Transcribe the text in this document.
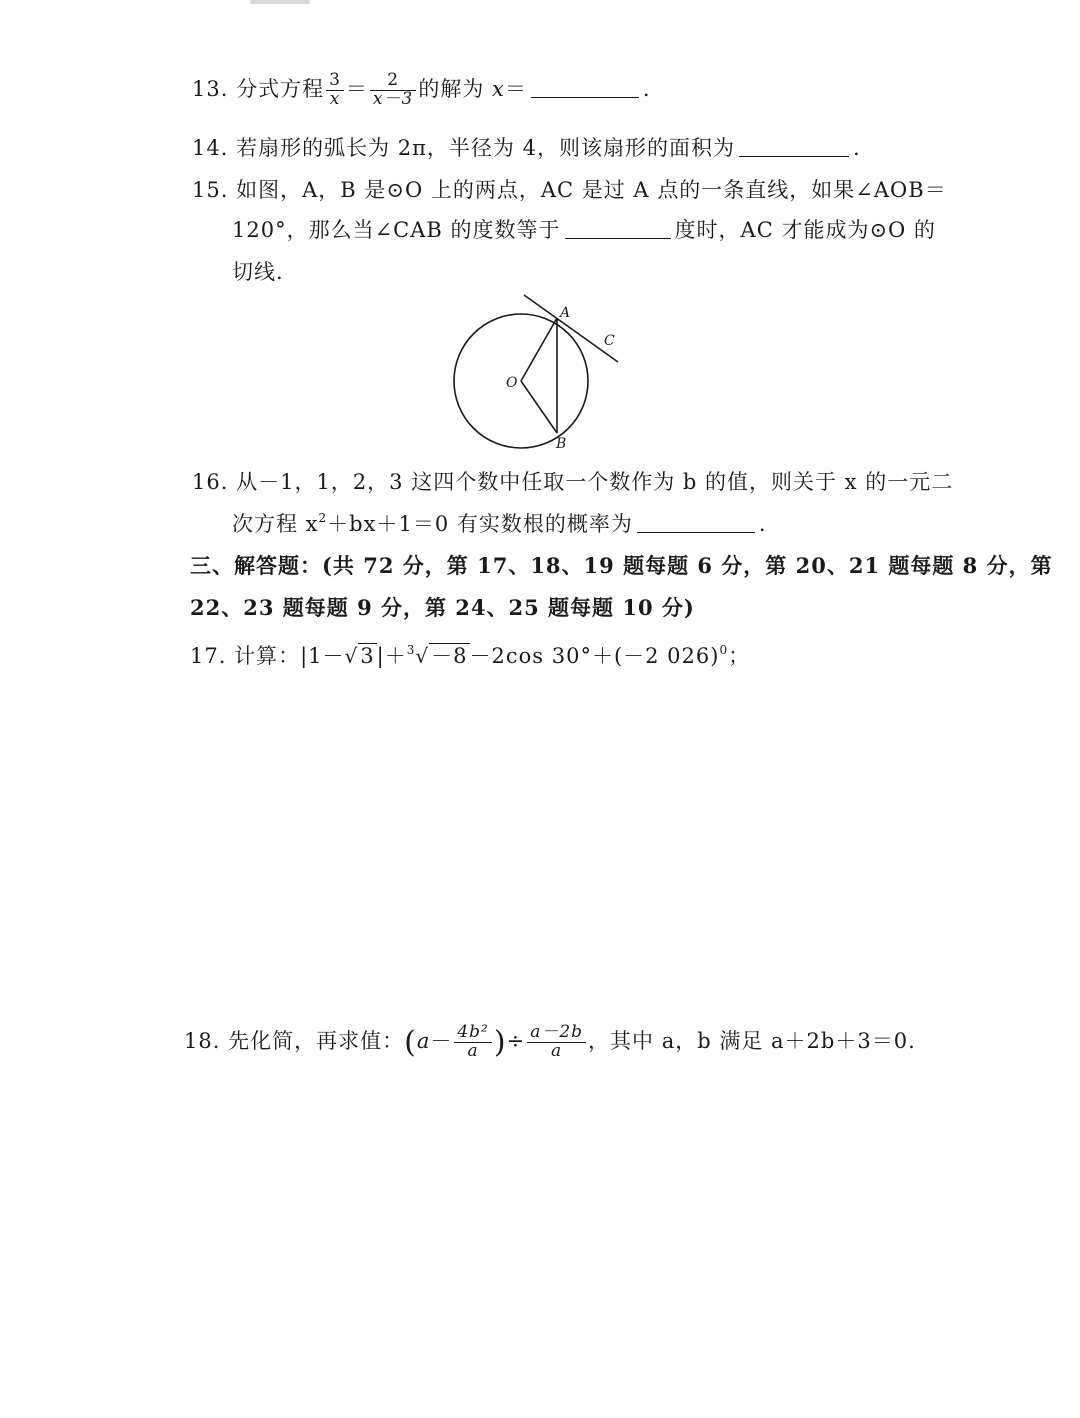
13. 分式方程 $\frac{3}{x} = \frac{2}{x-3}$ 的解为 x＝	.
14. 若扇形的弧长为 2π，半径为 4，则该扇形的面积为	.
15. 如图，A，B 是⊙O 上的两点，AC 是过 A 点的一条直线，如果∠AOB＝
120°，那么当∠CAB 的度数等于	度时，AC 才能成为⊙O 的
切线.
A
C
O
B
16. 从－1，1，2，3 这四个数中任取一个数作为 b 的值，则关于 x 的一元二
次方程 $x^2+bx+1=0$ 有实数根的概率为	.
三、解答题：(共 72 分，第 17、18、19 题每题 6 分，第 20、21 题每题 8 分，第
22、23 题每题 9 分，第 24、25 题每题 10 分)
17. 计算：|1－√3|＋$^3$√－8－2cos 30°＋(－2 026)$^0$；
18. 先化简，再求值：($a- \frac{\text{4b²}}{a}$ )÷ $\frac{a-2b}{a}$ ，其中 a，b 满足 a＋2b＋3＝0.
